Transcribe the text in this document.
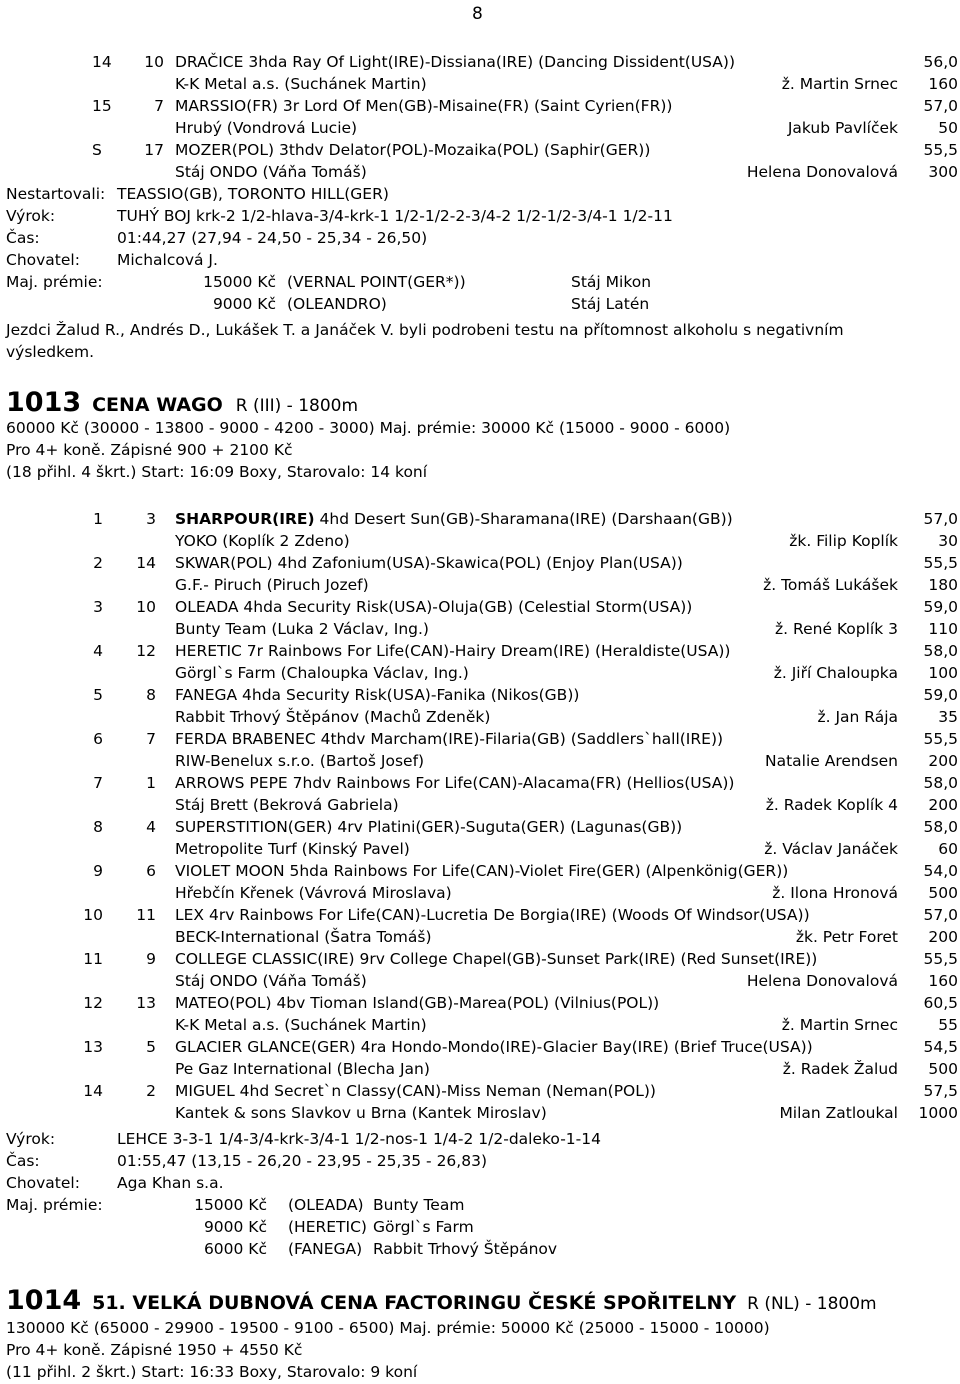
8
14 10 DRAČICE 3hda Ray Of Light(IRE)-Dissiana(IRE) (Dancing Dissident(USA))	56,0
K-K Metal a.s. (Suchánek Martin)	ž. Martin Srnec 160
15	7 MARSSIO(FR) 3r Lord Of Men(GB)-Misaine(FR) (Saint Cyrien(FR))	57,0
Hrubý (Vondrová Lucie)	Jakub Pavlíček	50
S	17 MOZER(POL) 3thdv Delator(POL)-Mozaika(POL) (Saphir(GER))	55,5
Stáj ONDO (Váňa Tomáš)	Helena Donovalová 300
Nestartovali: TEASSIO(GB), TORONTO HILL(GER)
Výrok:	TUHÝ BOJ krk-2 1/2-hlava-3/4-krk-1 1/2-1/2-2-3/4-2 1/2-1/2-3/4-1 1/2-11
Čas:	01:44,27 (27,94 - 24,50 - 25,34 - 26,50)
Chovatel: Michalcová J.
Maj. prémie:	15000 Kč (VERNAL POINT(GER*))	Stáj Mikon
9000 Kč (OLEANDRO)	Stáj Latén
Jezdci Žalud R., Andrés D., Lukášek T. a Janáček V. byli podrobeni testu na přítomnost alkoholu s negativním
výsledkem.
1013 CENA WAGO R (III) - 1800m
60000 Kč (30000 - 13800 - 9000 - 4200 - 3000) Maj. prémie: 30000 Kč (15000 - 9000 - 6000)
Pro 4+ koně. Zápisné 900 + 2100 Kč
(18 přihl. 4 škrt.) Start: 16:09 Boxy, Starovalo: 14 koní
1	3 SHARPOUR(IRE) 4hd Desert Sun(GB)-Sharamana(IRE) (Darshaan(GB))	57,0
YOKO (Koplík 2 Zdeno)	žk. Filip Koplík	30
2 14 SKWAR(POL) 4hd Zafonium(USA)-Skawica(POL) (Enjoy Plan(USA))	55,5
G.F.- Piruch (Piruch Jozef)	ž. Tomáš Lukášek 180
3 10 OLEADA 4hda Security Risk(USA)-Oluja(GB) (Celestial Storm(USA))	59,0
Bunty Team (Luka 2 Václav, Ing.)	ž. René Koplík 3 110
4 12 HERETIC 7r Rainbows For Life(CAN)-Hairy Dream(IRE) (Heraldiste(USA))	58,0
Görgl`s Farm (Chaloupka Václav, Ing.)	ž. Jiří Chaloupka 100
5	8 FANEGA 4hda Security Risk(USA)-Fanika (Nikos(GB))	59,0
Rabbit Trhový Štěpánov (Machů Zdeněk)	ž. Jan Rája	35
6	7 FERDA BRABENEC 4thdv Marcham(IRE)-Filaria(GB) (Saddlers`hall(IRE))	55,5
RIW-Benelux s.r.o. (Bartoš Josef)	Natalie Arendsen 200
7	1 ARROWS PEPE 7hdv Rainbows For Life(CAN)-Alacama(FR) (Hellios(USA))	58,0
Stáj Brett (Bekrová Gabriela)	ž. Radek Koplík 4 200
8	4 SUPERSTITION(GER) 4rv Platini(GER)-Suguta(GER) (Lagunas(GB))	58,0
Metropolite Turf (Kinský Pavel)	ž. Václav Janáček	60
9	6 VIOLET MOON 5hda Rainbows For Life(CAN)-Violet Fire(GER) (Alpenkönig(GER))	54,0
Hřebčín Křenek (Vávrová Miroslava)	ž. Ilona Hronová 500
10 11 LEX 4rv Rainbows For Life(CAN)-Lucretia De Borgia(IRE) (Woods Of Windsor(USA))	57,0
BECK-International (Šatra Tomáš)	žk. Petr Foret 200
11	9 COLLEGE CLASSIC(IRE) 9rv College Chapel(GB)-Sunset Park(IRE) (Red Sunset(IRE))	55,5
Stáj ONDO (Váňa Tomáš)	Helena Donovalová 160
12 13 MATEO(POL) 4bv Tioman Island(GB)-Marea(POL) (Vilnius(POL))	60,5
K-K Metal a.s. (Suchánek Martin)	ž. Martin Srnec	55
13	5 GLACIER GLANCE(GER) 4ra Hondo-Mondo(IRE)-Glacier Bay(IRE) (Brief Truce(USA))	54,5
Pe Gaz International (Blecha Jan)	ž. Radek Žalud 500
14	2 MIGUEL 4hd Secret`n Classy(CAN)-Miss Neman (Neman(POL))	57,5
Kantek & sons Slavkov u Brna (Kantek Miroslav)	Milan Zatloukal 1000
Výrok:	LEHCE 3-3-1 1/4-3/4-krk-3/4-1 1/2-nos-1 1/4-2 1/2-daleko-1-14
Čas:	01:55,47 (13,15 - 26,20 - 23,95 - 25,35 - 26,83)
Chovatel: Aga Khan s.a.
Maj. prémie:	15000 Kč (OLEADA) Bunty Team
9000 Kč (HERETIC) Görgl`s Farm
6000 Kč (FANEGA) Rabbit Trhový Štěpánov
1014 51. VELKÁ DUBNOVÁ CENA FACTORINGU ČESKÉ SPOŘITELNY R (NL) - 1800m
130000 Kč (65000 - 29900 - 19500 - 9100 - 6500) Maj. prémie: 50000 Kč (25000 - 15000 - 10000)
Pro 4+ koně. Zápisné 1950 + 4550 Kč
(11 přihl. 2 škrt.) Start: 16:33 Boxy, Starovalo: 9 koní
